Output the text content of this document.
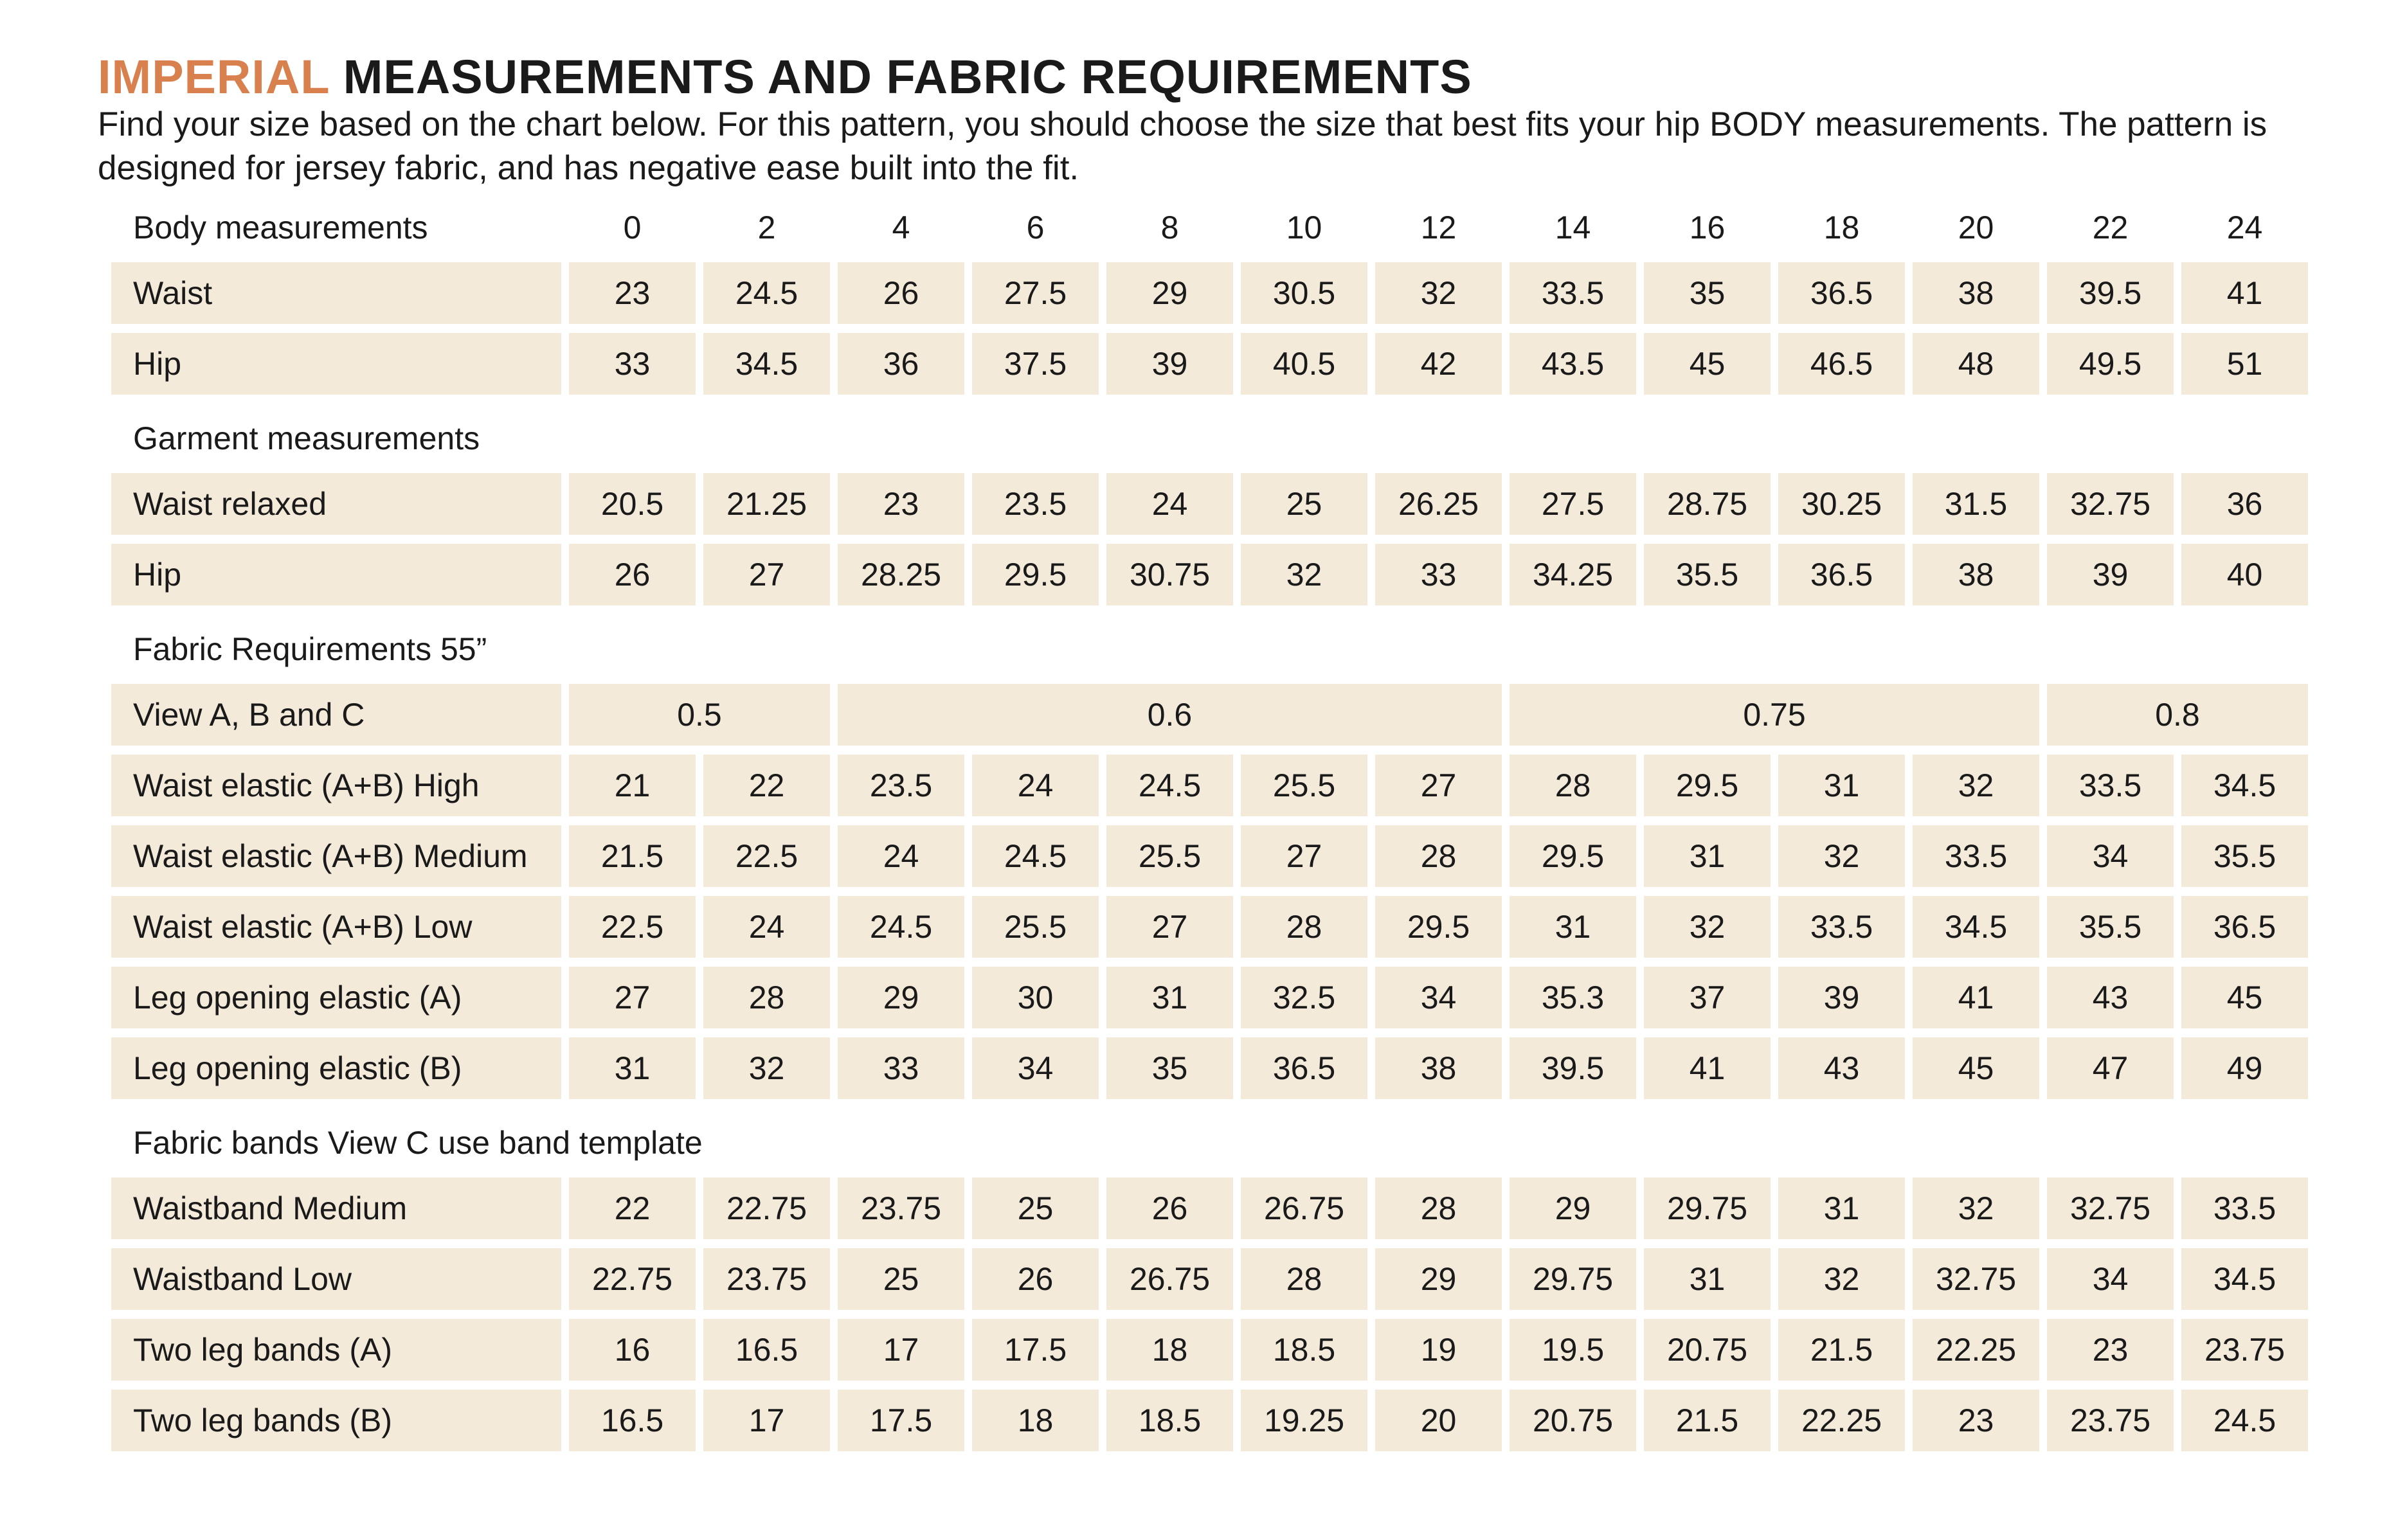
IMPERIAL MEASUREMENTS AND FABRIC REQUIREMENTS

Find your size based on the chart below. For this pattern, you should choose the size that best fits your hip BODY measurements. The pattern is designed for jersey fabric, and has negative ease built into the fit.

Body measurements	0	2	4	6	8	10	12	14	16	18	20	22	24
Waist	23	24.5	26	27.5	29	30.5	32	33.5	35	36.5	38	39.5	41
Hip	33	34.5	36	37.5	39	40.5	42	43.5	45	46.5	48	49.5	51
Garment measurements													
Waist relaxed	20.5	21.25	23	23.5	24	25	26.25	27.5	28.75	30.25	31.5	32.75	36
Hip	26	27	28.25	29.5	30.75	32	33	34.25	35.5	36.5	38	39	40
Fabric Requirements 55”													
View A, B and C	0.5		0.6					0.75				0.8	
Waist elastic (A+B) High	21	22	23.5	24	24.5	25.5	27	28	29.5	31	32	33.5	34.5
Waist elastic (A+B) Medium	21.5	22.5	24	24.5	25.5	27	28	29.5	31	32	33.5	34	35.5
Waist elastic (A+B) Low	22.5	24	24.5	25.5	27	28	29.5	31	32	33.5	34.5	35.5	36.5
Leg opening elastic (A)	27	28	29	30	31	32.5	34	35.3	37	39	41	43	45
Leg opening elastic (B)	31	32	33	34	35	36.5	38	39.5	41	43	45	47	49
Fabric bands View C use band template													
Waistband Medium	22	22.75	23.75	25	26	26.75	28	29	29.75	31	32	32.75	33.5
Waistband Low	22.75	23.75	25	26	26.75	28	29	29.75	31	32	32.75	34	34.5
Two leg bands (A)	16	16.5	17	17.5	18	18.5	19	19.5	20.75	21.5	22.25	23	23.75
Two leg bands (B)	16.5	17	17.5	18	18.5	19.25	20	20.75	21.5	22.25	23	23.75	24.5
